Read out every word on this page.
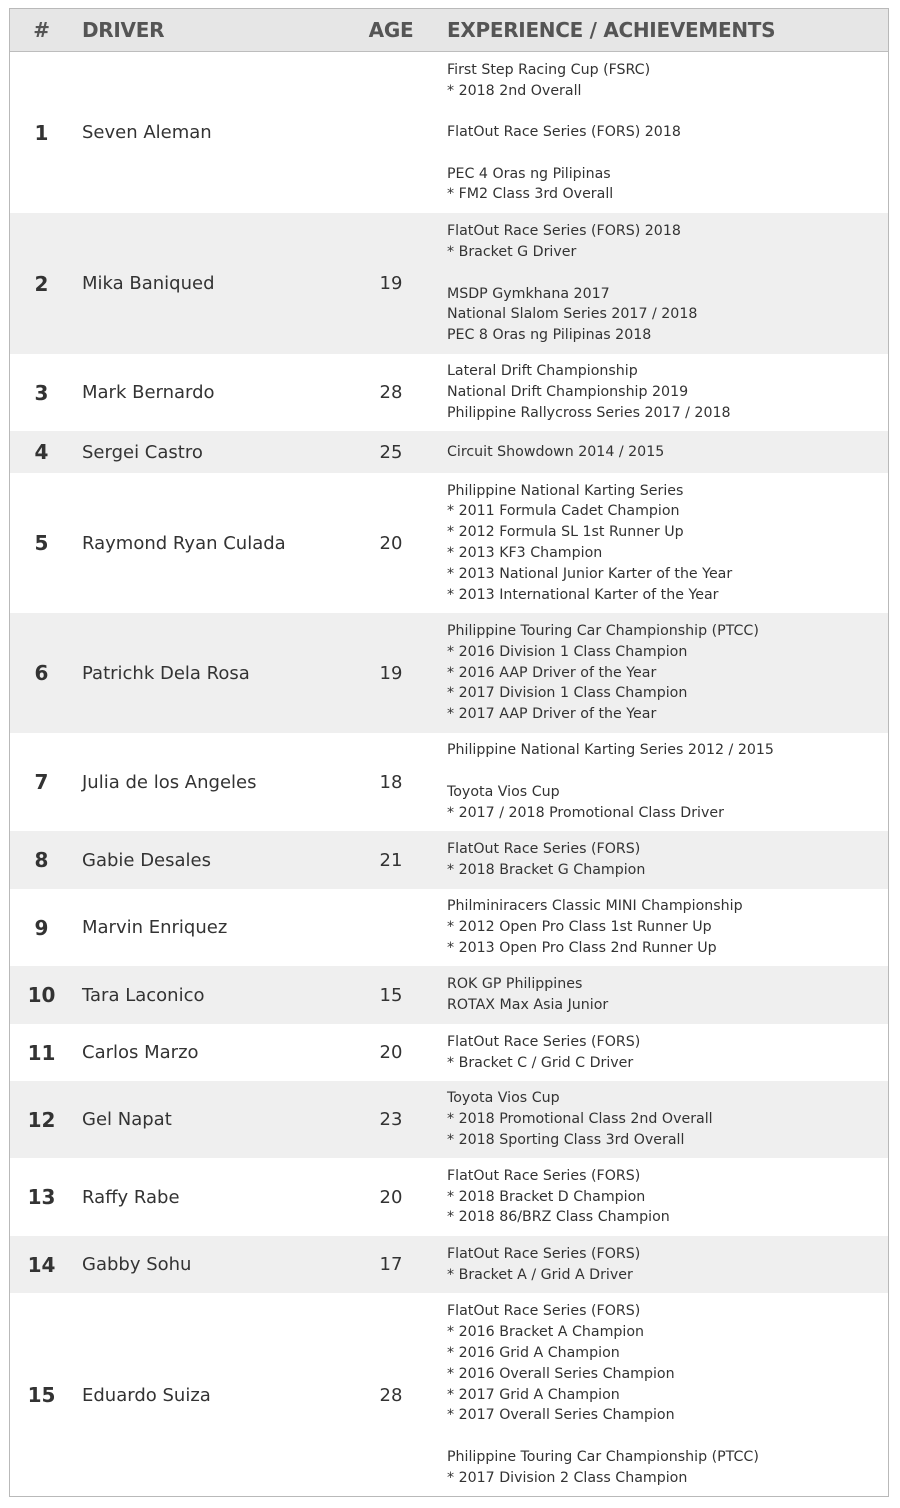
#	DRIVER	AGE	EXPERIENCE / ACHIEVEMENTS
1	Seven Aleman
First Step Racing Cup (FSRC)
* 2018 2nd Overall
FlatOut Race Series (FORS) 2018
PEC 4 Oras ng Pilipinas
* FM2 Class 3rd Overall
2	Mika Baniqued	19
FlatOut Race Series (FORS) 2018
* Bracket G Driver
MSDP Gymkhana 2017
National Slalom Series 2017 / 2018
PEC 8 Oras ng Pilipinas 2018
3	Mark Bernardo	28
Lateral Drift Championship
National Drift Championship 2019
Philippine Rallycross Series 2017 / 2018
4	Sergei Castro	25	Circuit Showdown 2014 / 2015
5	Raymond Ryan Culada	20
Philippine National Karting Series
* 2011 Formula Cadet Champion
* 2012 Formula SL 1st Runner Up
* 2013 KF3 Champion
* 2013 National Junior Karter of the Year
* 2013 International Karter of the Year
6	Patrichk Dela Rosa	19
Philippine Touring Car Championship (PTCC)
* 2016 Division 1 Class Champion
* 2016 AAP Driver of the Year
* 2017 Division 1 Class Champion
* 2017 AAP Driver of the Year
7	Julia de los Angeles	18
Philippine National Karting Series 2012 / 2015
Toyota Vios Cup
* 2017 / 2018 Promotional Class Driver
8	Gabie Desales	21
FlatOut Race Series (FORS)
* 2018 Bracket G Champion
9	Marvin Enriquez
Philminiracers Classic MINI Championship
* 2012 Open Pro Class 1st Runner Up
* 2013 Open Pro Class 2nd Runner Up
10	Tara Laconico	15
ROK GP Philippines
ROTAX Max Asia Junior
11	Carlos Marzo	20
FlatOut Race Series (FORS)
* Bracket C / Grid C Driver
12	Gel Napat	23
Toyota Vios Cup
* 2018 Promotional Class 2nd Overall
* 2018 Sporting Class 3rd Overall
13	Raffy Rabe	20
FlatOut Race Series (FORS)
* 2018 Bracket D Champion
* 2018 86/BRZ Class Champion
14	Gabby Sohu	17
FlatOut Race Series (FORS)
* Bracket A / Grid A Driver
15	Eduardo Suiza	28
FlatOut Race Series (FORS)
* 2016 Bracket A Champion
* 2016 Grid A Champion
* 2016 Overall Series Champion
* 2017 Grid A Champion
* 2017 Overall Series Champion
Philippine Touring Car Championship (PTCC)
* 2017 Division 2 Class Champion
